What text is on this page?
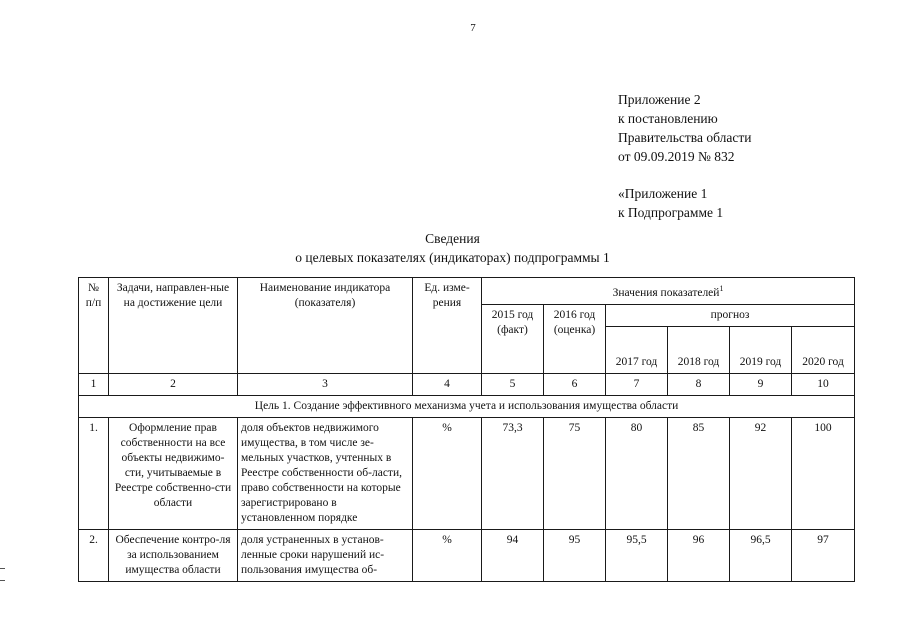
7
Приложение 2
к постановлению
Правительства области
от 09.09.2019 № 832
«Приложение 1
к Подпрограмме 1
Сведения
о целевых показателях (индикаторах) подпрограммы 1
№ п/п	Задачи, направлен-ные на достижение цели	Наименование индикатора (показателя)	Ед. изме-рения	Значения показателей$^1$
				2015 год (факт)	2016 год (оценка)	прогноз			
						2017 год	2018 год	2019 год	2020 год
1	2	3	4	5	6	7	8	9	10
Цель 1. Создание эффективного механизма учета и использования имущества области									
1.	Оформление прав собственности на все объекты недвижимо-сти, учитываемые в Реестре собственно-сти области	доля объектов недвижимого имущества, в том числе зе-мельных участков, учтенных в Реестре собственности об-ласти, право собственности на которые зарегистрировано в установленном порядке	%	73,3	75	80	85	92	100
2.	Обеспечение контро-ля за использованием имущества области	доля устраненных в установ-ленные сроки нарушений ис-пользования имущества об-	%	94	95	95,5	96	96,5	97
